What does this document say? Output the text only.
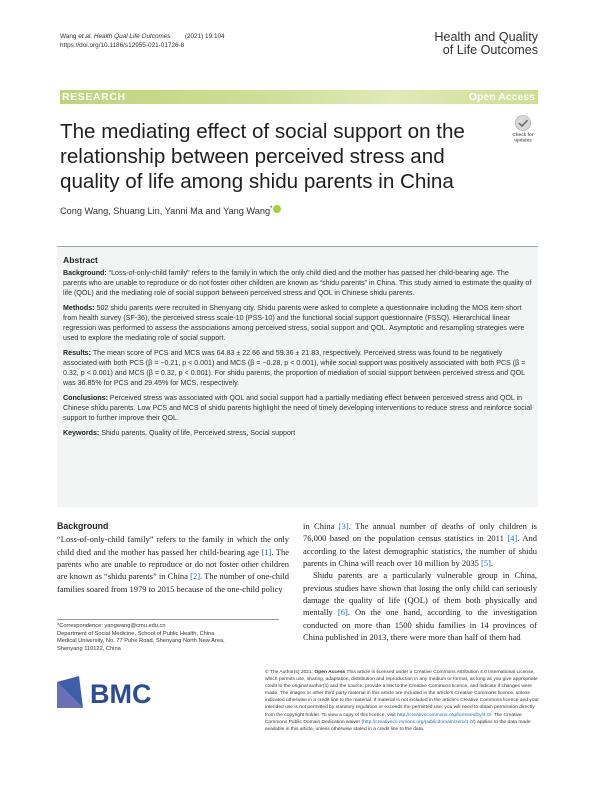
Wang et al. Health Qual Life Outcomes (2021) 19:104
https://doi.org/10.1186/s12955-021-01726-8
Health and Quality
of Life Outcomes
RESEARCH	Open Access
The mediating effect of social support on the relationship between perceived stress and quality of life among shidu parents in China
Check for
updates
Cong Wang, Shuang Lin, Yanni Ma and Yang Wang*
Abstract

Background: “Loss-of-only-child family” refers to the family in which the only child died and the mother has passed her child-bearing age. The parents who are unable to reproduce or do not foster other children are known as “shidu parents” in China. This study aimed to estimate the quality of life (QOL) and the mediating role of social support between perceived stress and QOL in Chinese shidu parents.

Methods: 502 shidu parents were recruited in Shenyang city. Shidu parents were asked to complete a questionnaire including the MOS item short from health survey (SF-36), the perceived stress scale-10 (PSS-10) and the functional social support questionnaire (FSSQ). Hierarchical linear regression was performed to assess the associations among perceived stress, social support and QOL. Asymptotic and resampling strategies were used to explore the mediating role of social support.

Results: The mean score of PCS and MCS was 64.83 ± 22.66 and 59.36 ± 21.83, respectively. Perceived stress was found to be negatively associated with both PCS (β = −0.21, p < 0.001) and MCS (β = −0.28, p < 0.001), while social support was positively associated with both PCS (β = 0.32, p < 0.001) and MCS (β = 0.32, p < 0.001). For shidu parents, the proportion of mediation of social support between perceived stress and QOL was 36.85% for PCS and 29.45% for MCS, respectively.

Conclusions: Perceived stress was associated with QOL and social support had a partially mediating effect between perceived stress and QOL in Chinese shidu parents. Low PCS and MCS of shidu parents highlight the need of timely developing interventions to reduce stress and reinforce social support to further improve their QOL.

Keywords: Shidu parents, Quality of life, Perceived stress, Social support

Background

“Loss-of-only-child family” refers to the family in which the only child died and the mother has passed her child-bearing age [1]. The parents who are unable to reproduce or do not foster other children are known as “shidu parents” in China [2]. The number of one-child families soared from 1979 to 2015 because of the one-child policy

in China [3]. The annual number of deaths of only children is 76,000 based on the population census statistics in 2011 [4]. And according to the latest demographic statistics, the number of shidu parents in China will reach over 10 million by 2035 [5].

Shidu parents are a particularly vulnerable group in China, previous studies have shown that losing the only child can seriously damage the quality of life (QOL) of them both physically and mentally [6]. On the one hand, according to the investigation conducted on more than 1500 shidu families in 14 provinces of China published in 2013, there were more than half of them had

*Correspondence: yangwang@cmu.edu.cn
Department of Social Medicine, School of Public Health, China
Medical University, No. 77 Puhe Road, Shenyang North New Area,
Shenyang 110122, China
BMC
© The Author(s) 2021. Open Access This article is licensed under a Creative Commons Attribution 4.0 International License, which permits use, sharing, adaptation, distribution and reproduction in any medium or format, as long as you give appropriate credit to the original author(s) and the source, provide a link to the Creative Commons licence, and indicate if changes were made. The images or other third party material in this article are included in the article’s Creative Commons licence, unless indicated otherwise in a credit line to the material. If material is not included in the article’s Creative Commons licence and your intended use is not permitted by statutory regulation or exceeds the permitted use, you will need to obtain permission directly from the copyright holder. To view a copy of this licence, visit http://creativecommons.org/licenses/by/4.0/. The Creative Commons Public Domain Dedication waiver (http://creativeco mmons.org/publicdomain/zero/1.0/) applies to the data made available in this article, unless otherwise stated in a credit line to the data.
